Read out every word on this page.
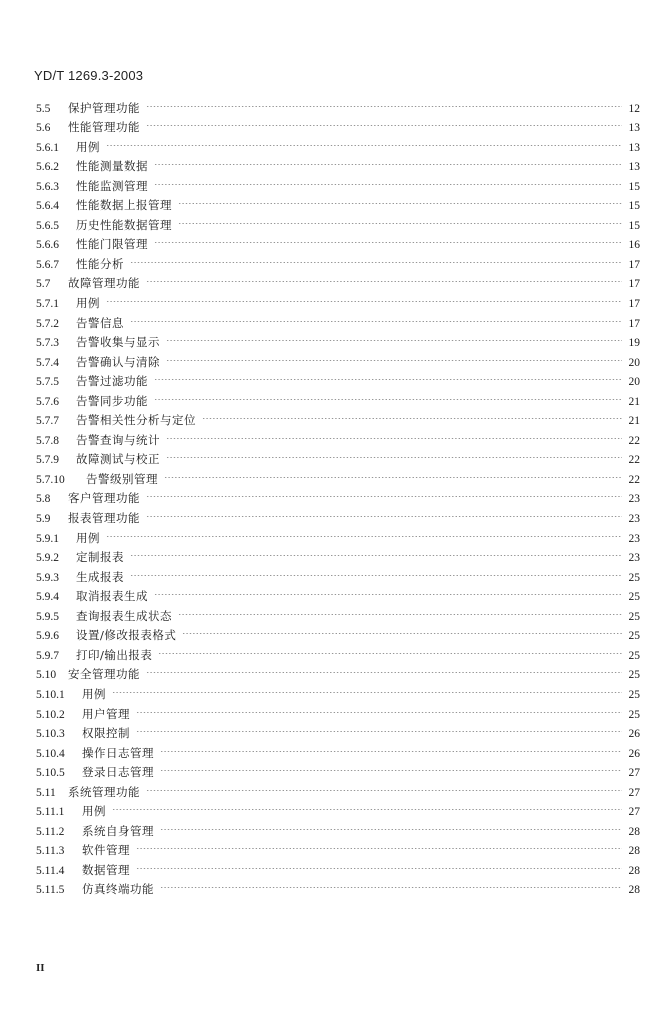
YD/T 1269.3-2003
5.5	保护管理功能	12
5.6	性能管理功能	13
5.6.1	用例	13
5.6.2	性能测量数据	13
5.6.3	性能监测管理	15
5.6.4	性能数据上报管理	15
5.6.5	历史性能数据管理	15
5.6.6	性能门限管理	16
5.6.7	性能分析	17
5.7	故障管理功能	17
5.7.1	用例	17
5.7.2	告警信息	17
5.7.3	告警收集与显示	19
5.7.4	告警确认与清除	20
5.7.5	告警过滤功能	20
5.7.6	告警同步功能	21
5.7.7	告警相关性分析与定位	21
5.7.8	告警查询与统计	22
5.7.9	故障测试与校正	22
5.7.10	告警级别管理	22
5.8	客户管理功能	23
5.9	报表管理功能	23
5.9.1	用例	23
5.9.2	定制报表	23
5.9.3	生成报表	25
5.9.4	取消报表生成	25
5.9.5	查询报表生成状态	25
5.9.6	设置/修改报表格式	25
5.9.7	打印/输出报表	25
5.10	安全管理功能	25
5.10.1	用例	25
5.10.2	用户管理	25
5.10.3	权限控制	26
5.10.4	操作日志管理	26
5.10.5	登录日志管理	27
5.11	系统管理功能	27
5.11.1	用例	27
5.11.2	系统自身管理	28
5.11.3	软件管理	28
5.11.4	数据管理	28
5.11.5	仿真终端功能	28
II
